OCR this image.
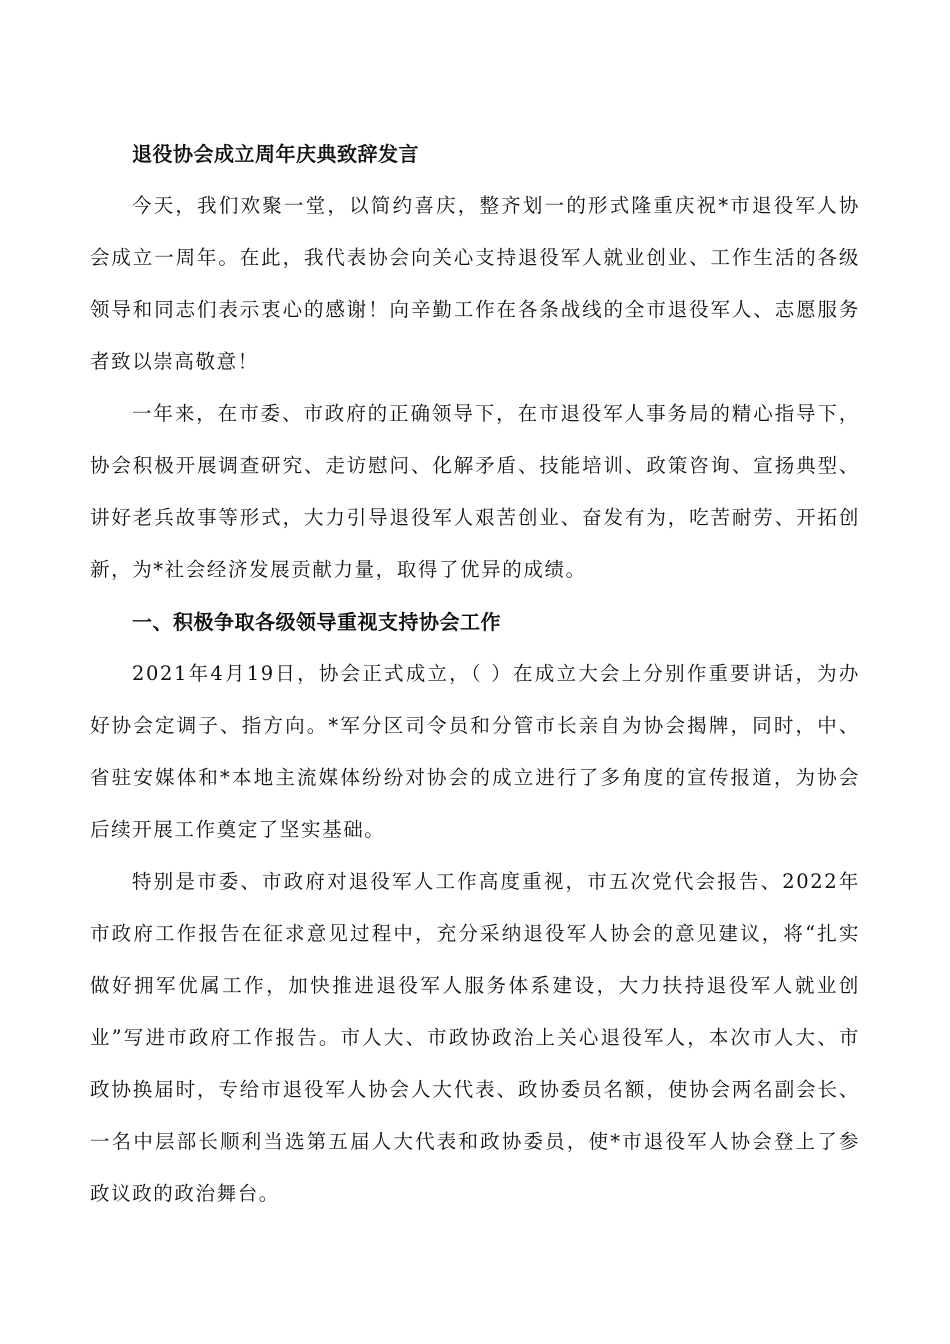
退役协会成立周年庆典致辞发言

今天，我们欢聚一堂，以简约喜庆，整齐划一的形式隆重庆祝*市退役军人协会成立一周年。在此，我代表协会向关心支持退役军人就业创业、工作生活的各级领导和同志们表示衷心的感谢！向辛勤工作在各条战线的全市退役军人、志愿服务者致以崇高敬意！

一年来，在市委、市政府的正确领导下，在市退役军人事务局的精心指导下，协会积极开展调查研究、走访慰问、化解矛盾、技能培训、政策咨询、宣扬典型、讲好老兵故事等形式，大力引导退役军人艰苦创业、奋发有为，吃苦耐劳、开拓创新，为*社会经济发展贡献力量，取得了优异的成绩。

一、积极争取各级领导重视支持协会工作

2021年4月19日，协会正式成立，（ ）在成立大会上分别作重要讲话，为办好协会定调子、指方向。*军分区司令员和分管市长亲自为协会揭牌，同时，中、省驻安媒体和*本地主流媒体纷纷对协会的成立进行了多角度的宣传报道，为协会后续开展工作奠定了坚实基础。

特别是市委、市政府对退役军人工作高度重视，市五次党代会报告、2022年市政府工作报告在征求意见过程中，充分采纳退役军人协会的意见建议，将“扎实做好拥军优属工作，加快推进退役军人服务体系建设，大力扶持退役军人就业创业”写进市政府工作报告。市人大、市政协政治上关心退役军人，本次市人大、市政协换届时，专给市退役军人协会人大代表、政协委员名额，使协会两名副会长、一名中层部长顺利当选第五届人大代表和政协委员，使*市退役军人协会登上了参政议政的政治舞台。
